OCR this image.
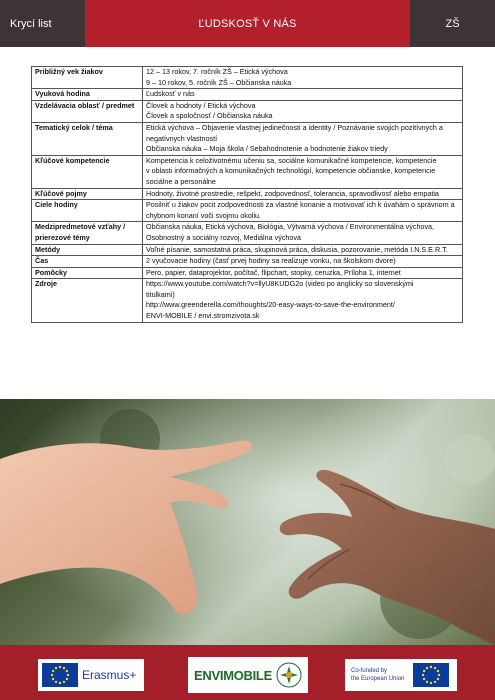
Krycí list	ĽUDSKOSŤ V NÁS	ZŠ
Približný vek žiakov	12 – 13 rokov, 7. ročník ZŠ – Etická výchova
9 – 10 rokov, 5. ročník ZŠ – Občianska náuka

Vyuková hodina	Ľudskosť v nás

Vzdelávacia oblasť / predmet	Človek a hodnoty / Etická výchova
Človek a spoločnosť / Občianska náuka

Tematický celok / téma	Etická výchova – Objavenie vlastnej jedinečnosti a identity / Poznávanie svojich pozitívnych a
negatívnych vlastností
Občianska náuka – Moja škola / Sebahodnotenie a hodnotenie žiakov triedy

Kľúčové kompetencie	Kompetencia k celoživotnému učeniu sa, sociálne komunikačné kompetencie, kompetencie
v oblasti informačných a komunikačných technológií, kompetencie občianske, kompetencie
sociálne a personálne

Kľúčové pojmy	Hodnoty, životné prostredie, rešpekt, zodpovednosť, tolerancia, spravodlivosť alebo empatia

Ciele hodiny	Posilniť u žiakov pocit zodpovednosti za vlastné konanie a motivovať ich k úvahám o správnom a
chybnom konaní voči svojmu okoliu.

Medzipredmetové vzťahy / prierezové témy	Občianska náuka, Etická výchova, Biológia, Výtvarná výchova / Environmentálna výchova,
Osobnostný a sociálny rozvoj, Mediálna výchova

Metódy	Voľné písanie, samostatná práca, skupinová práca, diskusia, pozorovanie, metóda I.N.S.E.R.T.

Čas	2 vyučovacie hodiny (časť prvej hodiny sa realizuje vonku, na školskom dvore)

Pomôcky	Pero, papier, dataprojektor, počítač, flipchart, stopky, ceruzka, Príloha 1, internet

Zdroje	https://www.youtube.com/watch?v=llyU8KUDG2o (video po anglicky so slovenskými
titulkami)
http://www.greenderella.com/thoughts/20-easy-ways-to-save-the-environment/
ENVI-MOBILE / envi.stromzivota.sk
Erasmus+	ENVIMOBILE	Co-funded by
the European Union
